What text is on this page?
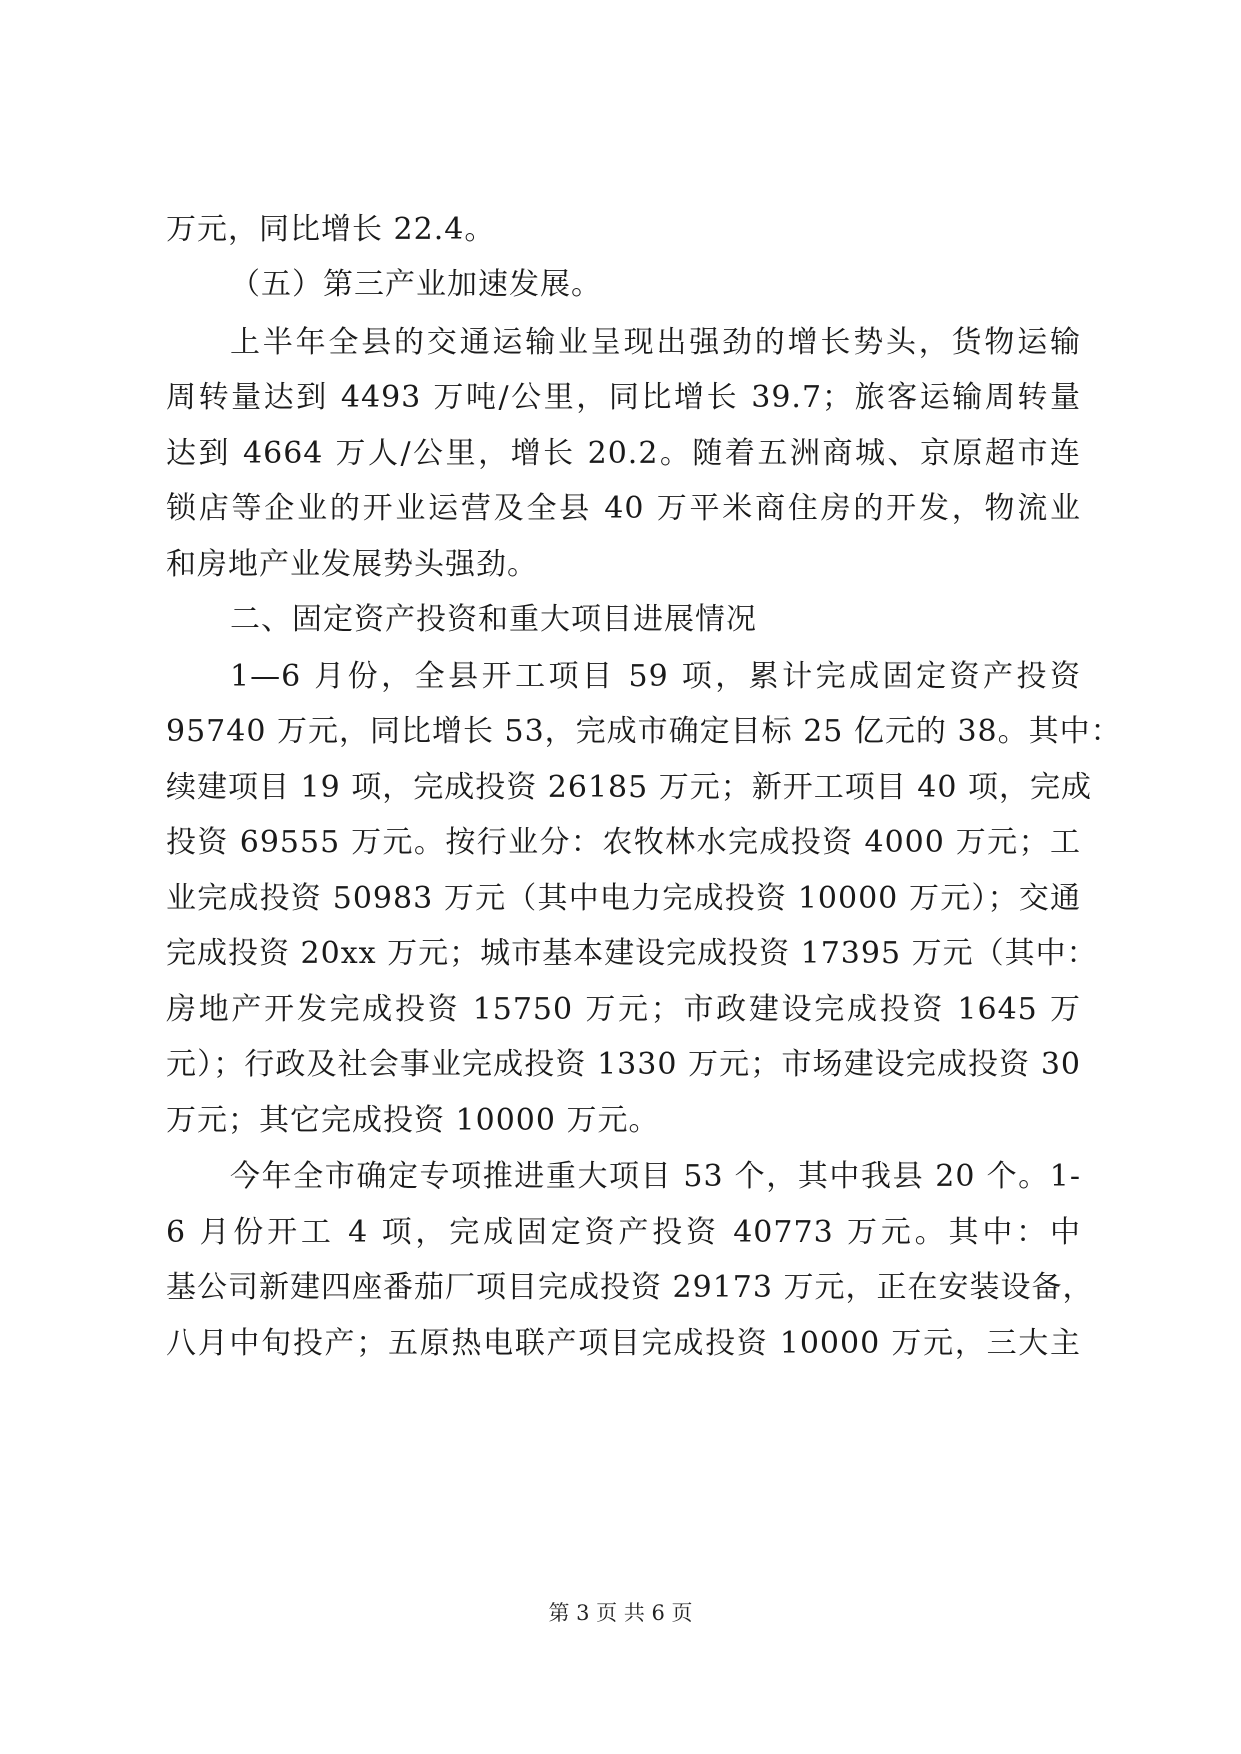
万元，同比增长 22.4。
（五）第三产业加速发展。
上半年全县的交通运输业呈现出强劲的增长势头，货物运输
周转量达到 4493 万吨/公里，同比增长 39.7；旅客运输周转量
达到 4664 万人/公里，增长 20.2。随着五洲商城、京原超市连
锁店等企业的开业运营及全县 40 万平米商住房的开发，物流业
和房地产业发展势头强劲。
二、固定资产投资和重大项目进展情况
1—6 月份，全县开工项目 59 项，累计完成固定资产投资
95740 万元，同比增长 53，完成市确定目标 25 亿元的 38。其中：
续建项目 19 项，完成投资 26185 万元；新开工项目 40 项，完成
投资 69555 万元。按行业分：农牧林水完成投资 4000 万元；工
业完成投资 50983 万元（其中电力完成投资 10000 万元）；交通
完成投资 20xx 万元；城市基本建设完成投资 17395 万元（其中：
房地产开发完成投资 15750 万元；市政建设完成投资 1645 万
元）；行政及社会事业完成投资 1330 万元；市场建设完成投资 30
万元；其它完成投资 10000 万元。
今年全市确定专项推进重大项目 53 个，其中我县 20 个。1-
6 月份开工 4 项，完成固定资产投资 40773 万元。其中：中
基公司新建四座番茄厂项目完成投资 29173 万元，正在安装设备，
八月中旬投产；五原热电联产项目完成投资 10000 万元，三大主
第 3 页 共 6 页
